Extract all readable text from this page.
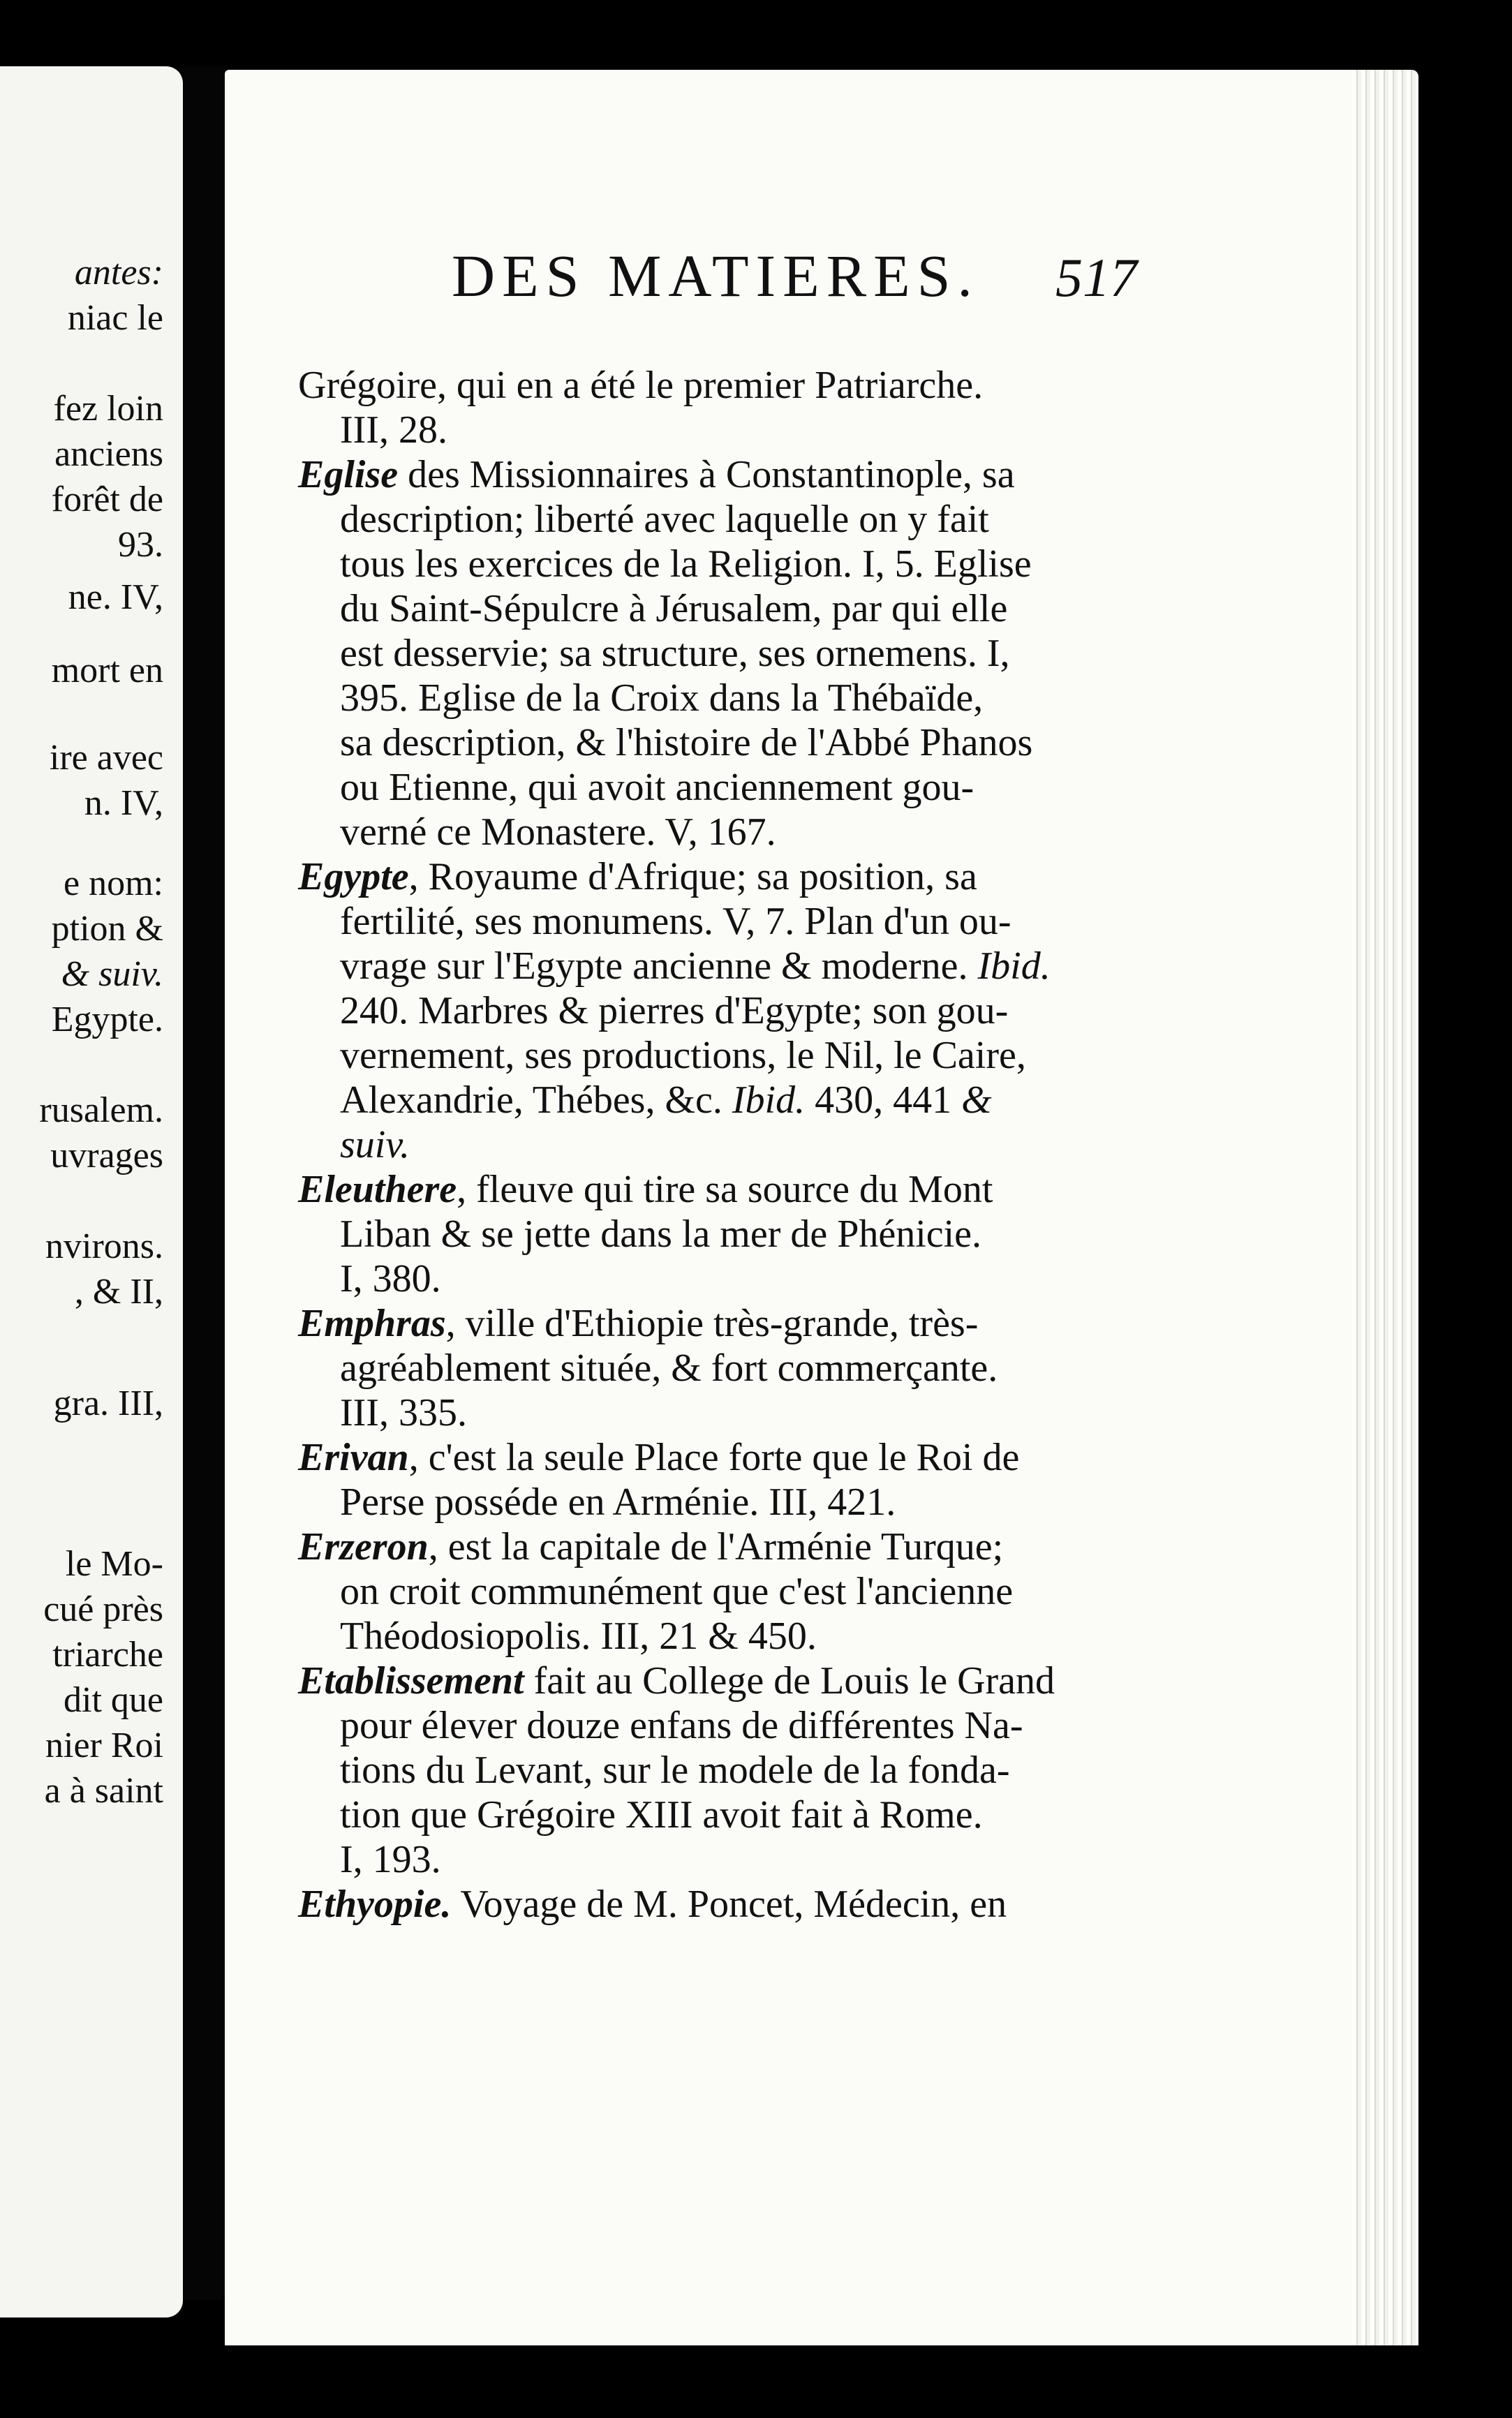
antes:
niac le
fez loin
anciens
forêt de
93.
ne. IV,
mort en
ire avec
n. IV,
e nom:
ption &
& suiv.
Egypte.
rusalem.
uvrages
nvirons.
, & II,
gra. III,
le Mo-
cué près
triarche
dit que
nier Roi
a à saint
DES MATIERES. 517
Grégoire, qui en a été le premier Patriarche.
III, 28.
Eglise des Missionnaires à Constantinople, sa
description; liberté avec laquelle on y fait
tous les exercices de la Religion. I, 5. Eglise
du Saint-Sépulcre à Jérusalem, par qui elle
est desservie; sa structure, ses ornemens. I,
395. Eglise de la Croix dans la Thébaïde,
sa description, & l'histoire de l'Abbé Phanos
ou Etienne, qui avoit anciennement gou-
verné ce Monastere. V, 167.
Egypte, Royaume d'Afrique; sa position, sa
fertilité, ses monumens. V, 7. Plan d'un ou-
vrage sur l'Egypte ancienne & moderne. Ibid.
240. Marbres & pierres d'Egypte; son gou-
vernement, ses productions, le Nil, le Caire,
Alexandrie, Thébes, &c. Ibid. 430, 441 &
suiv.
Eleuthere, fleuve qui tire sa source du Mont
Liban & se jette dans la mer de Phénicie.
I, 380.
Emphras, ville d'Ethiopie très-grande, très-
agréablement située, & fort commerçante.
III, 335.
Erivan, c'est la seule Place forte que le Roi de
Perse posséde en Arménie. III, 421.
Erzeron, est la capitale de l'Arménie Turque;
on croit communément que c'est l'ancienne
Théodosiopolis. III, 21 & 450.
Etablissement fait au College de Louis le Grand
pour élever douze enfans de différentes Na-
tions du Levant, sur le modele de la fonda-
tion que Grégoire XIII avoit fait à Rome.
I, 193.
Ethyopie. Voyage de M. Poncet, Médecin, en
